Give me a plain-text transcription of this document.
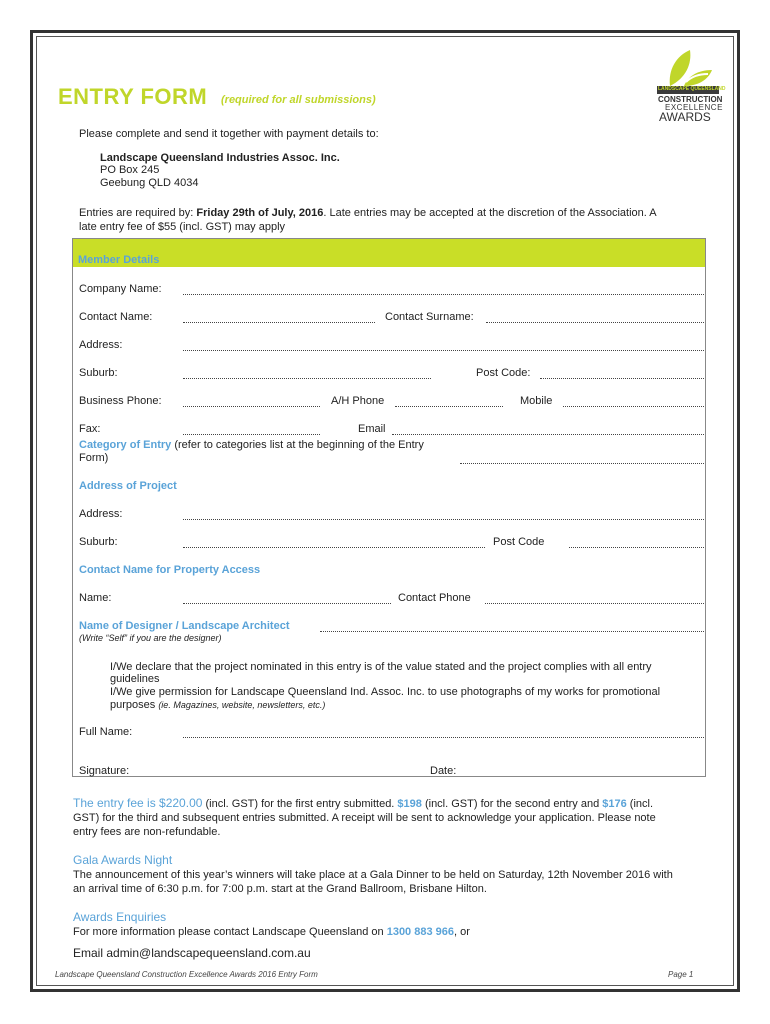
ENTRY FORM (required for all submissions)
LANDSCAPE QUEENSLAND
CONSTRUCTION
EXCELLENCE
AWARDS
Please complete and send it together with payment details to:
Landscape Queensland Industries Assoc. Inc.
PO Box 245
Geebung QLD 4034
Entries are required by: Friday 29th of July, 2016. Late entries may be accepted at the discretion of the Association. A
late entry fee of $55 (incl. GST) may apply
Member Details
Company Name:
Contact Name:	Contact Surname:
Address:
Suburb:	Post Code:
Business Phone:	A/H Phone	Mobile
Fax:	Email
Category of Entry (refer to categories list at the beginning of the Entry
Form)
Address of Project
Address:
Suburb:	Post Code
Contact Name for Property Access
Name:	Contact Phone
Name of Designer / Landscape Architect
(Write “Self” if you are the designer)
I/We declare that the project nominated in this entry is of the value stated and the project complies with all entry
guidelines
I/We give permission for Landscape Queensland Ind. Assoc. Inc. to use photographs of my works for promotional
purposes (ie. Magazines, website, newsletters, etc.)
Full Name:
Signature:	Date:
The entry fee is $220.00 (incl. GST) for the first entry submitted. $198 (incl. GST) for the second entry and $176 (incl.
GST) for the third and subsequent entries submitted. A receipt will be sent to acknowledge your application. Please note
entry fees are non-refundable.
Gala Awards Night
The announcement of this year’s winners will take place at a Gala Dinner to be held on Saturday, 12th November 2016 with
an arrival time of 6:30 p.m. for 7:00 p.m. start at the Grand Ballroom, Brisbane Hilton.
Awards Enquiries
For more information please contact Landscape Queensland on 1300 883 966, or
Email admin@landscapequeensland.com.au
Landscape Queensland Construction Excellence Awards 2016 Entry Form	Page 1
